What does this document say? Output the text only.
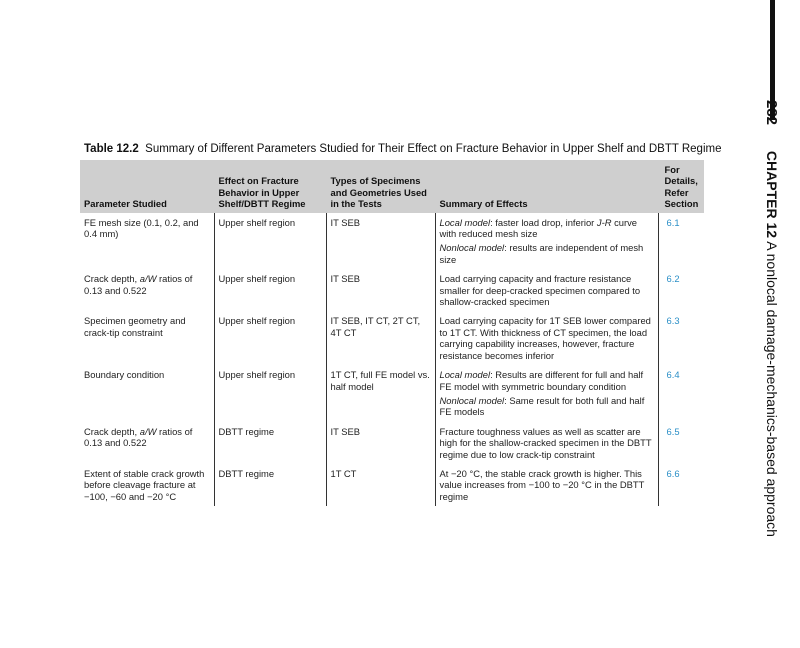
282 CHAPTER 12 A nonlocal damage-mechanics-based approach
Table 12.2 Summary of Different Parameters Studied for Their Effect on Fracture Behavior in Upper Shelf and DBTT Regime
Parameter Studied	Effect on Fracture Behavior in Upper Shelf/DBTT Regime	Types of Specimens and Geometries Used in the Tests	Summary of Effects	For Details, Refer Section
FE mesh size (0.1, 0.2, and 0.4 mm)	Upper shelf region	IT SEB	Local model: faster load drop, inferior J-R curve with reduced mesh size
Nonlocal model: results are independent of mesh size	6.1
Crack depth, a/W ratios of 0.13 and 0.522	Upper shelf region	IT SEB	Load carrying capacity and fracture resistance smaller for deep-cracked specimen compared to shallow-cracked specimen	6.2
Specimen geometry and crack-tip constraint	Upper shelf region	IT SEB, IT CT, 2T CT, 4T CT	Load carrying capacity for 1T SEB lower compared to 1T CT. With thickness of CT specimen, the load carrying capability increases, however, fracture resistance becomes inferior	6.3
Boundary condition	Upper shelf region	1T CT, full FE model vs. half model	Local model: Results are different for full and half FE model with symmetric boundary condition
Nonlocal model: Same result for both full and half FE models	6.4
Crack depth, a/W ratios of 0.13 and 0.522	DBTT regime	IT SEB	Fracture toughness values as well as scatter are high for the shallow-cracked specimen in the DBTT regime due to low crack-tip constraint	6.5
Extent of stable crack growth before cleavage fracture at −100, −60 and −20 °C	DBTT regime	1T CT	At −20 °C, the stable crack growth is higher. This value increases from −100 to −20 °C in the DBTT regime	6.6
